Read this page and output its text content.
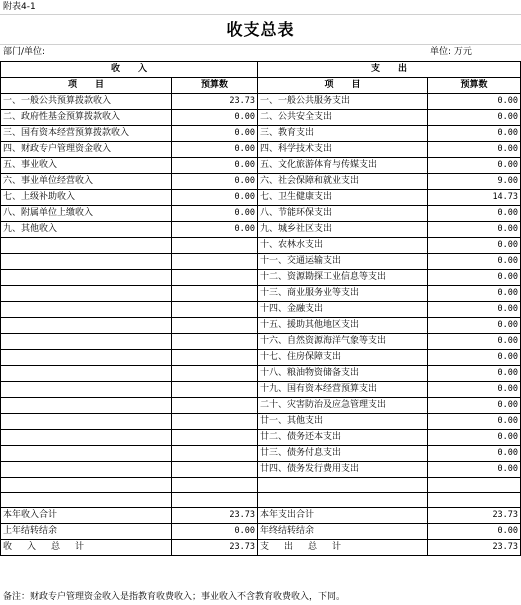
附表4-1
收支总表
部门/单位:	单位: 万元
收　　入		支　　出	
项　　目	预算数	项　　目	预算数
一、一般公共预算拨款收入	23.73	一、一般公共服务支出	0.00
二、政府性基金预算拨款收入	0.00	二、公共安全支出	0.00
三、国有资本经营预算拨款收入	0.00	三、教育支出	0.00
四、财政专户管理资金收入	0.00	四、科学技术支出	0.00
五、事业收入	0.00	五、文化旅游体育与传媒支出	0.00
六、事业单位经营收入	0.00	六、社会保障和就业支出	9.00
七、上级补助收入	0.00	七、卫生健康支出	14.73
八、附属单位上缴收入	0.00	八、节能环保支出	0.00
九、其他收入	0.00	九、城乡社区支出	0.00
		十、农林水支出	0.00
		十一、交通运输支出	0.00
		十二、资源勘探工业信息等支出	0.00
		十三、商业服务业等支出	0.00
		十四、金融支出	0.00
		十五、援助其他地区支出	0.00
		十六、自然资源海洋气象等支出	0.00
		十七、住房保障支出	0.00
		十八、粮油物资储备支出	0.00
		十九、国有资本经营预算支出	0.00
		二十、灾害防治及应急管理支出	0.00
		廿一、其他支出	0.00
		廿二、债务还本支出	0.00
		廿三、债务付息支出	0.00
		廿四、债务发行费用支出	0.00

本年收入合计	23.73	本年支出合计	23.73
上年结转结余	0.00	年终结转结余	0.00
收　入　总　计	23.73	支　出　总　计	23.73
备注：财政专户管理资金收入是指教育收费收入；事业收入不含教育收费收入，下同。
